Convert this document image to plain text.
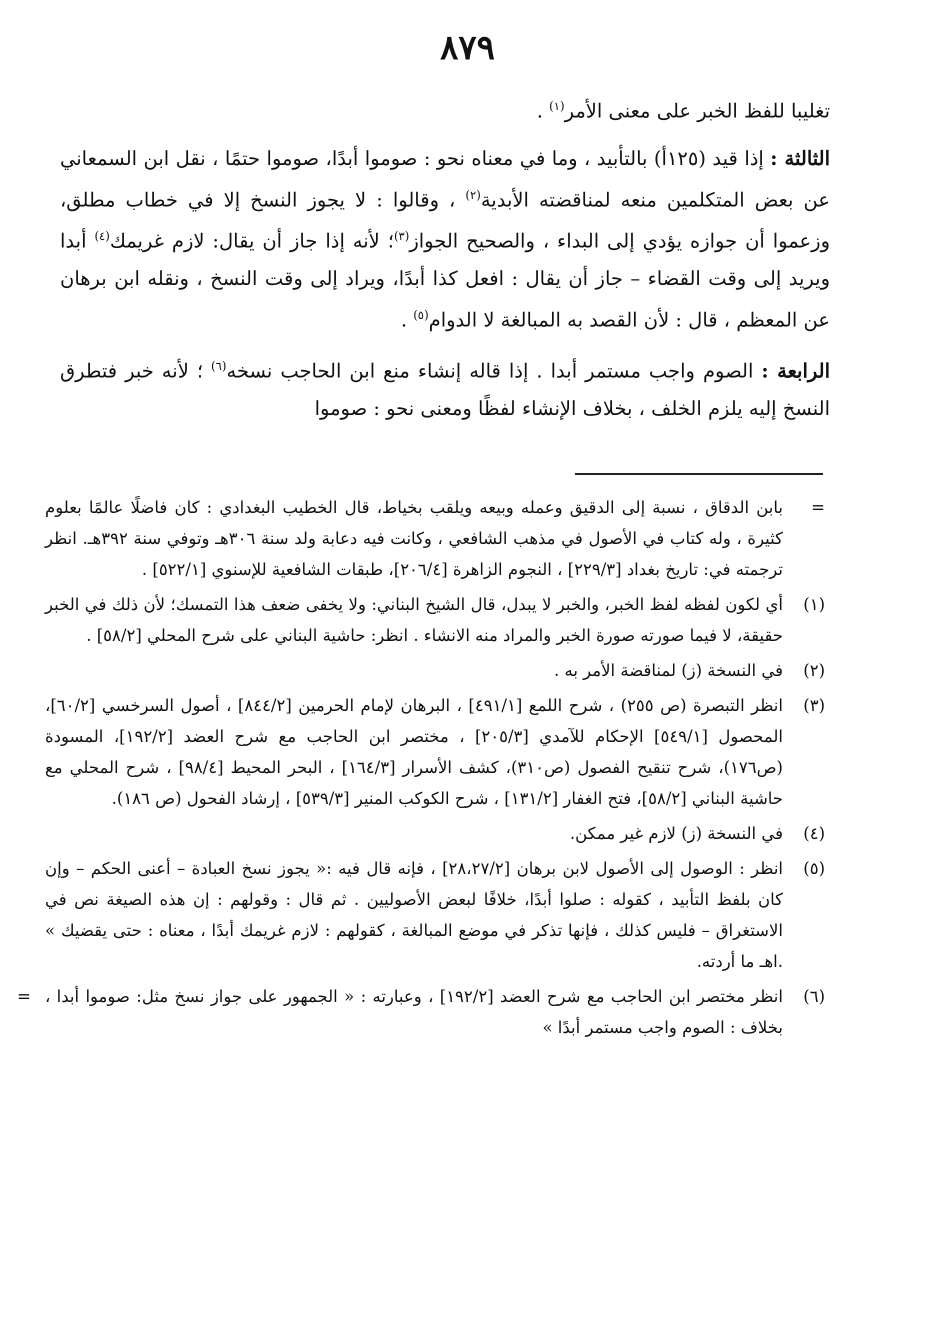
٨٧٩

تغليبا للفظ الخبر على معنى الأمر$^{(١)}$ .

الثالثة : إذا قيد (١٢٥أ) بالتأبيد ، وما في معناه نحو : صوموا أبدًا، صوموا حتمًا ، نقل ابن السمعاني عن بعض المتكلمين منعه لمناقضته الأبدية$^{(٢)}$ ، وقالوا : لا يجوز النسخ إلا في خطاب مطلق، وزعموا أن جوازه يؤدي إلى البداء ، والصحيح الجواز$^{(٣)}$؛ لأنه إذا جاز أن يقال: لازم غريمك$^{(٤)}$ أبدا ويريد إلى وقت القضاء – جاز أن يقال : افعل كذا أبدًا، ويراد إلى وقت النسخ ، ونقله ابن برهان عن المعظم ، قال : لأن القصد به المبالغة لا الدوام$^{(٥)}$ .

الرابعة : الصوم واجب مستمر أبدا . إذا قاله إنشاء منع ابن الحاجب نسخه$^{(٦)}$ ؛ لأنه خبر فتطرق النسخ إليه يلزم الخلف ، بخلاف الإنشاء لفظًا ومعنى نحو : صوموا

=
بابن الدقاق ، نسبة إلى الدقيق وعمله وبيعه ويلقب بخياط، قال الخطيب البغدادي : كان فاضلًا عالمًا بعلوم كثيرة ، وله كتاب في الأصول في مذهب الشافعي ، وكانت فيه دعابة ولد سنة ٣٠٦هـ وتوفي سنة ٣٩٢هـ. انظر ترجمته في: تاريخ بغداد [٢٢٩/٣] ، النجوم الزاهرة [٢٠٦/٤]، طبقات الشافعية للإسنوي [٥٢٢/١] .
(١)
أي لكون لفظه لفظ الخبر، والخبر لا يبدل، قال الشيخ البناني: ولا يخفى ضعف هذا التمسك؛ لأن ذلك في الخبر حقيقة، لا فيما صورته صورة الخبر والمراد منه الانشاء . انظر: حاشية البناني على شرح المحلي [٥٨/٢] .
(٢)
في النسخة (ز) لمناقضة الأمر به .
(٣)
انظر التبصرة (ص ٢٥٥) ، شرح اللمع [٤٩١/١] ، البرهان لإمام الحرمين [٨٤٤/٢] ، أصول السرخسي [٦٠/٢]، المحصول [٥٤٩/١] الإحكام للآمدي [٢٠٥/٣] ، مختصر ابن الحاجب مع شرح العضد [١٩٢/٢]، المسودة (ص١٧٦)، شرح تنقيح الفصول (ص٣١٠)، كشف الأسرار [١٦٤/٣] ، البحر المحيط [٩٨/٤] ، شرح المحلي مع حاشية البناني [٥٨/٢]، فتح الغفار [١٣١/٢] ، شرح الكوكب المنير [٥٣٩/٣] ، إرشاد الفحول (ص ١٨٦).
(٤)
في النسخة (ز) لازم غير ممكن.
(٥)
انظر : الوصول إلى الأصول لابن برهان [٢٨،٢٧/٢] ، فإنه قال فيه :« يجوز نسخ العبادة – أعنى الحكم – وإن كان بلفظ التأبيد ، كقوله : صلوا أبدًا، خلافًا لبعض الأصوليين . ثم قال : وقولهم : إن هذه الصيغة نص في الاستغراق – فليس كذلك ، فإنها تذكر في موضع المبالغة ، كقولهم : لازم غريمك أبدًا ، معناه : حتى يقضيك » .اهـ ما أردته.
(٦)
انظر مختصر ابن الحاجب مع شرح العضد [١٩٢/٢] ، وعبارته : « الجمهور على جواز نسخ مثل: صوموا أبدا ، بخلاف : الصوم واجب مستمر أبدًا »
=
